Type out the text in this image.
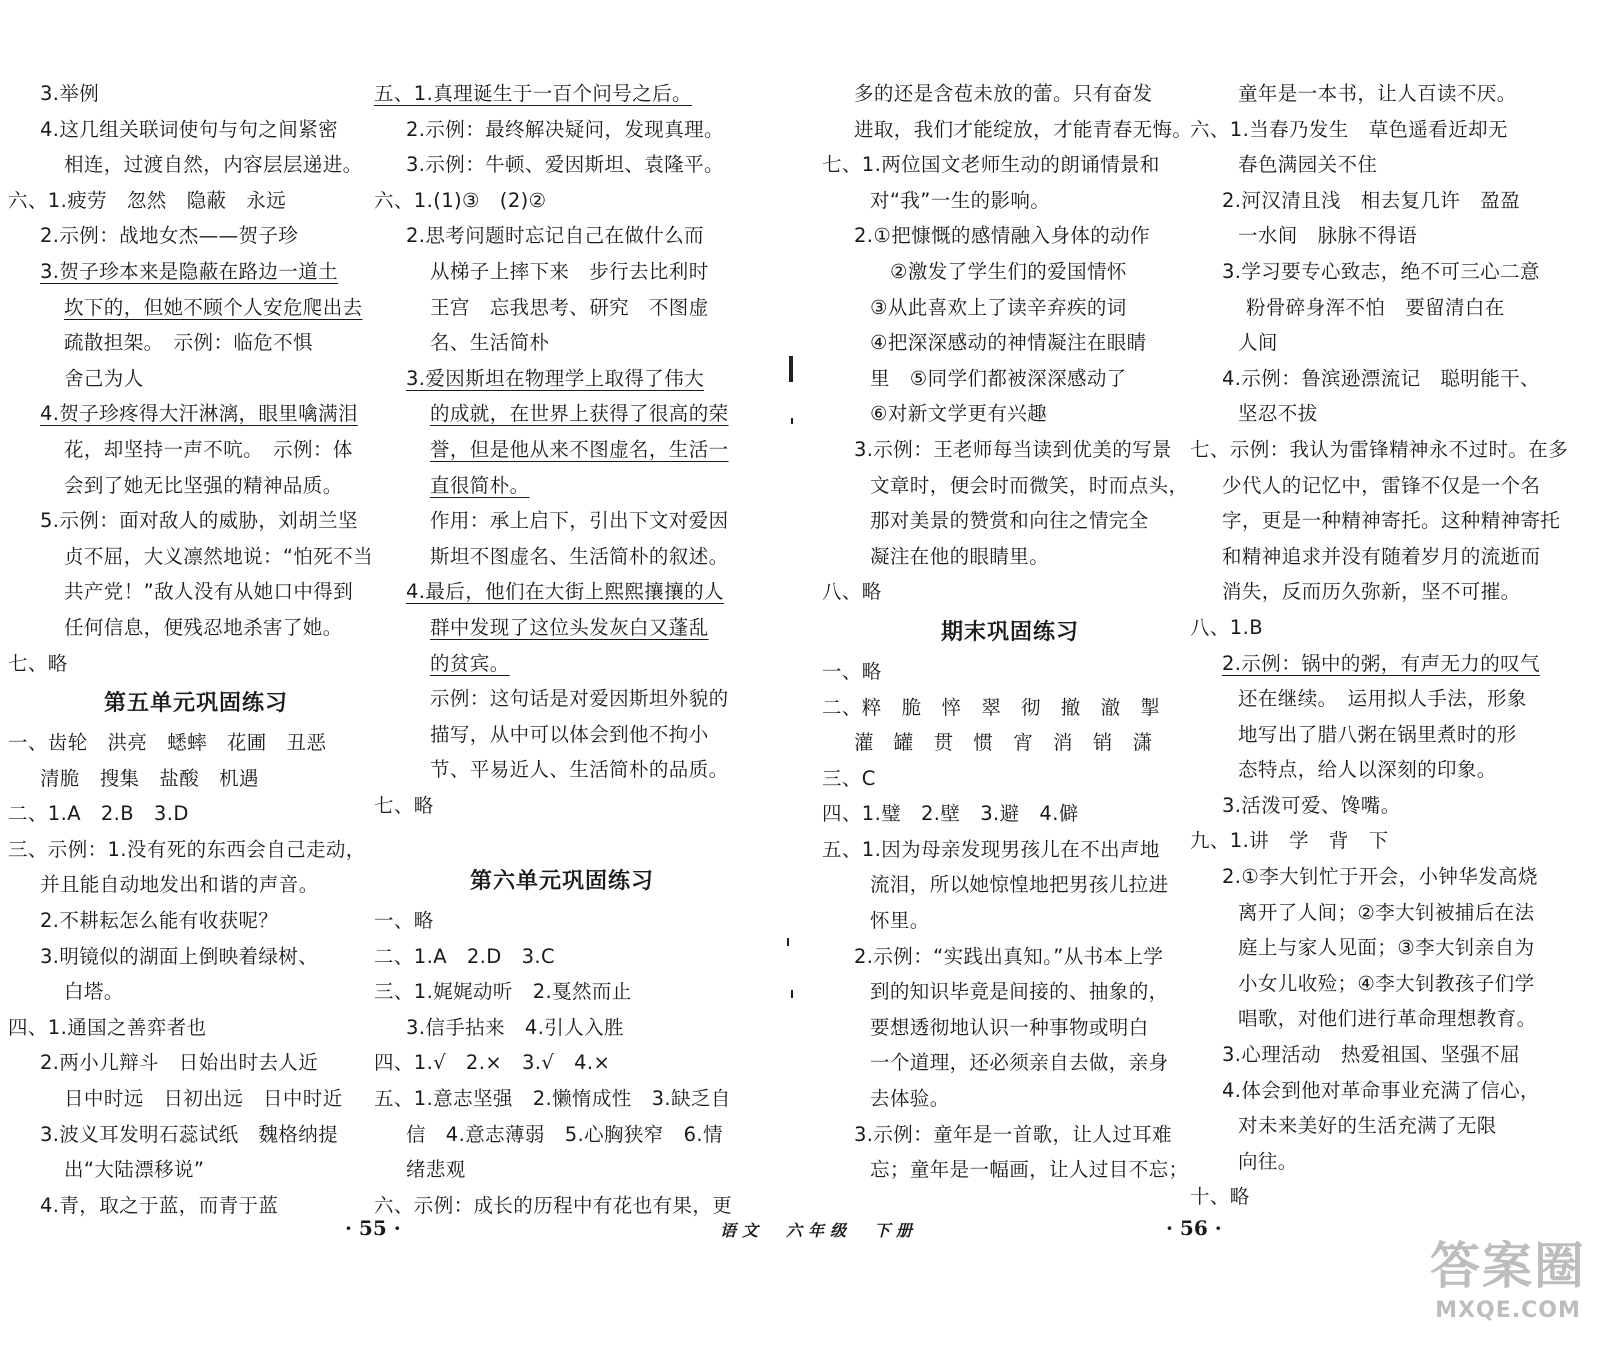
3.举例
4.这几组关联词使句与句之间紧密
相连，过渡自然，内容层层递进。
六、1.疲劳　忽然　隐蔽　永远
2.示例：战地女杰——贺子珍
3.贺子珍本来是隐蔽在路边一道土
坎下的，但她不顾个人安危爬出去
疏散担架。　示例：临危不惧
舍己为人
4.贺子珍疼得大汗淋漓，眼里噙满泪
花，却坚持一声不吭。　示例：体
会到了她无比坚强的精神品质。
5.示例：面对敌人的威胁，刘胡兰坚
贞不屈，大义凛然地说：“怕死不当
共产党！”敌人没有从她口中得到
任何信息，便残忍地杀害了她。
七、略
第五单元巩固练习
一、齿轮　洪亮　蟋蟀　花圃　丑恶
清脆　搜集　盐酸　机遇
二、1.A　2.B　3.D
三、示例：1.没有死的东西会自己走动，
并且能自动地发出和谐的声音。
2.不耕耘怎么能有收获呢？
3.明镜似的湖面上倒映着绿树、
白塔。
四、1.通国之善弈者也
2.两小儿辩斗　日始出时去人近
日中时远　日初出远　日中时近
3.波义耳发明石蕊试纸　魏格纳提
出“大陆漂移说”
4.青，取之于蓝，而青于蓝
五、1.真理诞生于一百个问号之后。
2.示例：最终解决疑问，发现真理。
3.示例：牛顿、爱因斯坦、袁隆平。
六、1.(1)③　(2)②
2.思考问题时忘记自己在做什么而
从梯子上摔下来　步行去比利时
王宫　忘我思考、研究　不图虚
名、生活简朴
3.爱因斯坦在物理学上取得了伟大
的成就，在世界上获得了很高的荣
誉，但是他从来不图虚名，生活一
直很简朴。
作用：承上启下，引出下文对爱因
斯坦不图虚名、生活简朴的叙述。
4.最后，他们在大街上熙熙攘攘的人
群中发现了这位头发灰白又蓬乱
的贫宾。
示例：这句话是对爱因斯坦外貌的
描写，从中可以体会到他不拘小
节、平易近人、生活简朴的品质。
七、略
第六单元巩固练习
一、略
二、1.A　2.D　3.C
三、1.娓娓动听　2.戛然而止
3.信手拈来　4.引人入胜
四、1.√　2.×　3.√　4.×
五、1.意志坚强　2.懒惰成性　3.缺乏自
信　4.意志薄弱　5.心胸狭窄　6.情
绪悲观
六、示例：成长的历程中有花也有果，更
多的还是含苞未放的蕾。只有奋发
进取，我们才能绽放，才能青春无悔。
七、1.两位国文老师生动的朗诵情景和
对“我”一生的影响。
2.①把慷慨的感情融入身体的动作
②激发了学生们的爱国情怀
③从此喜欢上了读辛弃疾的词
④把深深感动的神情凝注在眼睛
里　⑤同学们都被深深感动了
⑥对新文学更有兴趣
3.示例：王老师每当读到优美的写景
文章时，便会时而微笑，时而点头，
那对美景的赞赏和向往之情完全
凝注在他的眼睛里。
八、略
期末巩固练习
一、略
二、粹　脆　悴　翠　彻　撤　澈　掣
灌　罐　贯　惯　宵　消　销　潇
三、C
四、1.璧　2.壁　3.避　4.僻
五、1.因为母亲发现男孩儿在不出声地
流泪，所以她惊惶地把男孩儿拉进
怀里。
2.示例：“实践出真知。”从书本上学
到的知识毕竟是间接的、抽象的，
要想透彻地认识一种事物或明白
一个道理，还必须亲自去做，亲身
去体验。
3.示例：童年是一首歌，让人过耳难
忘；童年是一幅画，让人过目不忘；
童年是一本书，让人百读不厌。
六、1.当春乃发生　草色遥看近却无
春色满园关不住
2.河汉清且浅　相去复几许　盈盈
一水间　脉脉不得语
3.学习要专心致志，绝不可三心二意
粉骨碎身浑不怕　要留清白在
人间
4.示例：鲁滨逊漂流记　聪明能干、
坚忍不拔
七、示例：我认为雷锋精神永不过时。在多
少代人的记忆中，雷锋不仅是一个名
字，更是一种精神寄托。这种精神寄托
和精神追求并没有随着岁月的流逝而
消失，反而历久弥新，坚不可摧。
八、1.B
2.示例：锅中的粥，有声无力的叹气
还在继续。　运用拟人手法，形象
地写出了腊八粥在锅里煮时的形
态特点，给人以深刻的印象。
3.活泼可爱、馋嘴。
九、1.讲　学　背　下
2.①李大钊忙于开会，小钟华发高烧
离开了人间；②李大钊被捕后在法
庭上与家人见面；③李大钊亲自为
小女儿收殓；④李大钊教孩子们学
唱歌，对他们进行革命理想教育。
3.心理活动　热爱祖国、坚强不屈
4.体会到他对革命事业充满了信心，
对未来美好的生活充满了无限
向往。
十、略
· 55 ·	语文　六年级　下册	· 56 ·
答案圈
MXQE.COM
